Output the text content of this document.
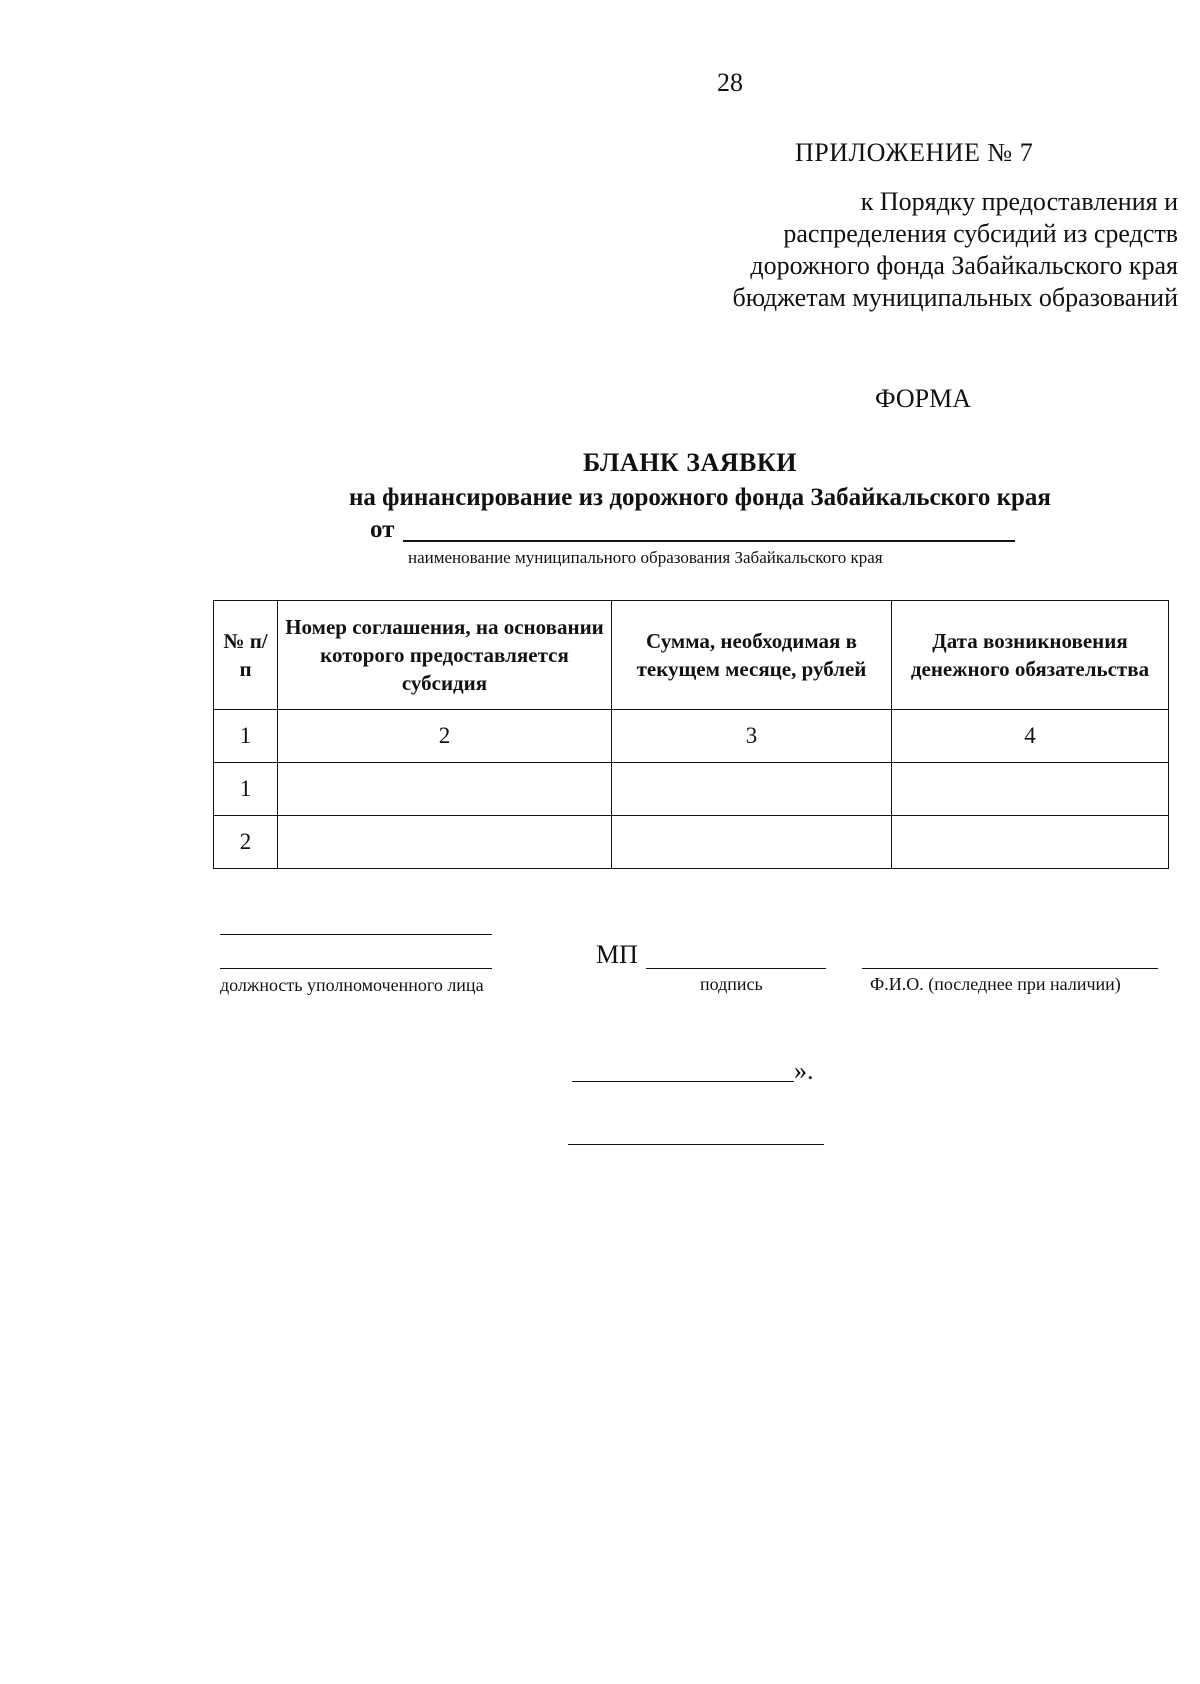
28
ПРИЛОЖЕНИЕ № 7
к Порядку предоставления и
распределения субсидий из средств
дорожного фонда Забайкальского края
бюджетам муниципальных образований
ФОРМА
БЛАНК ЗАЯВКИ
на финансирование из дорожного фонда Забайкальского края
от
наименование муниципального образования Забайкальского края
№ п/п	Номер соглашения, на основании которого предоставляется субсидия	Сумма, необходимая в текущем месяце, рублей	Дата возникновения денежного обязательства
1	2	3	4
1			
2			
должность уполномоченного лица
МП
подпись	Ф.И.О. (последнее при наличии)
».
